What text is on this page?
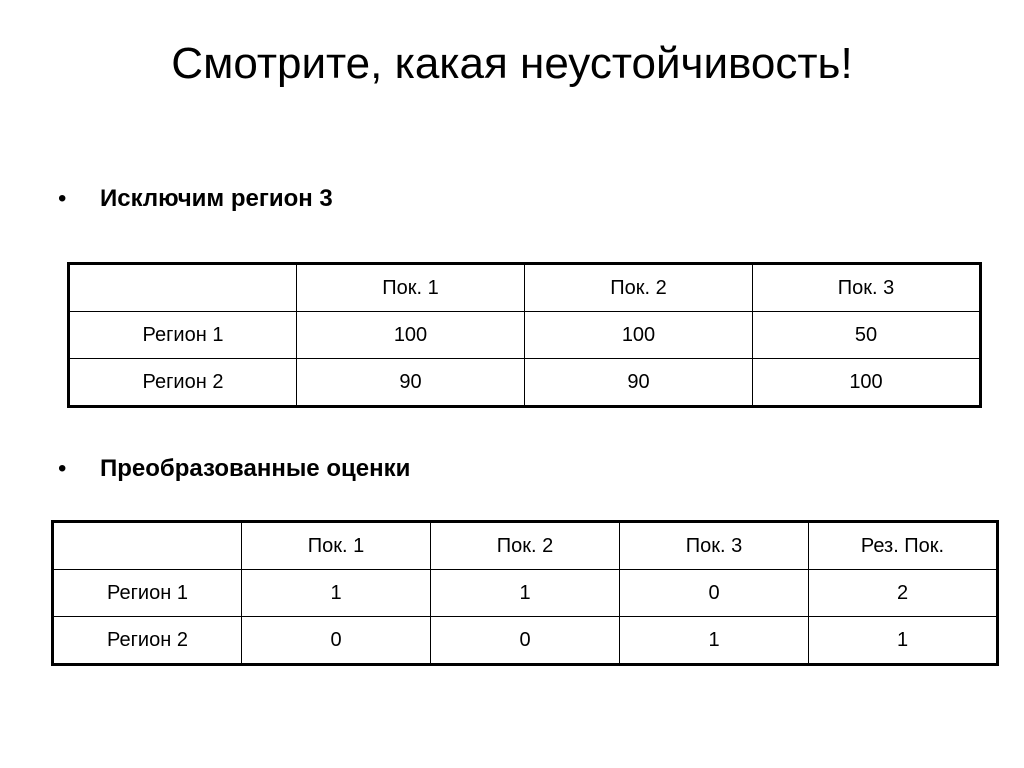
Смотрите, какая неустойчивость!
• Исключим регион 3
	Пок. 1	Пок. 2	Пок. 3
Регион 1	100	100	50
Регион 2	90	90	100
• Преобразованные оценки
	Пок. 1	Пок. 2	Пок. 3	Рез. Пок.
Регион 1	1	1	0	2
Регион 2	0	0	1	1
